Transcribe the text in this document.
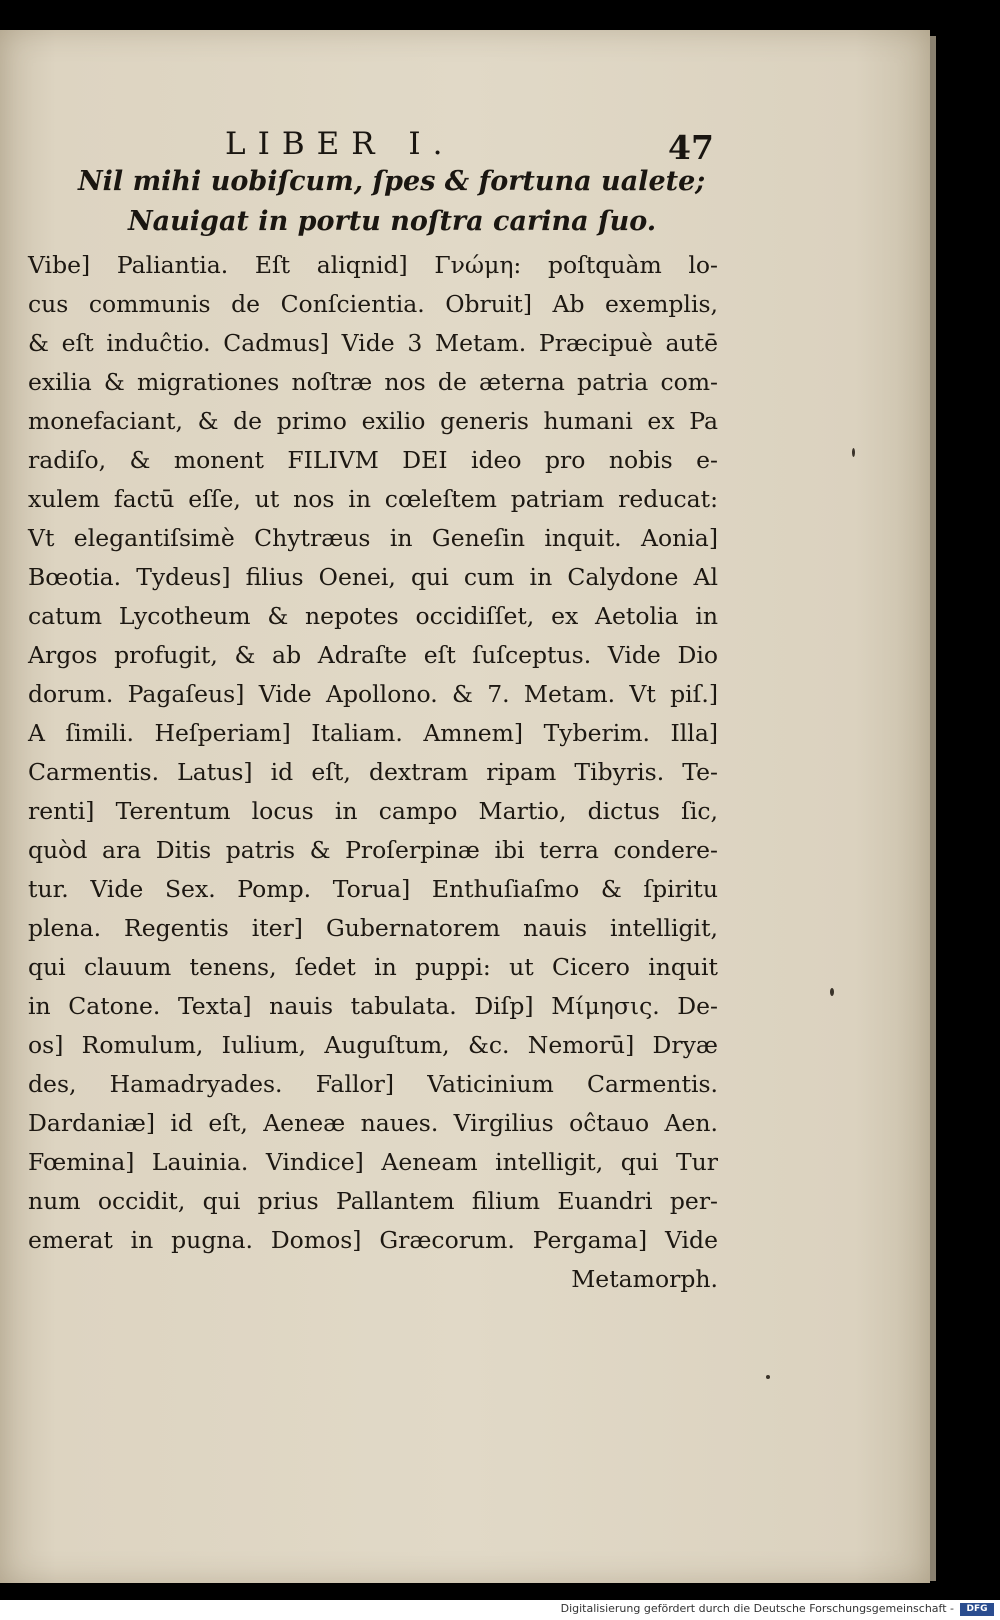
LIBER I.	47
Nil mihi uobiſcum, ſpes & fortuna ualete;
Nauigat in portu noſtra carina ſuo.
Vibe] Paliantia. Eſt aliqnid] Γνώμη: poſtquàm lo-
cus communis de Conſcientia. Obruit] Ab exemplis,
& eſt induĉtio. Cadmus] Vide 3 Metam. Præcipuè autē
exilia & migrationes noſtræ nos de æterna patria com-
monefaciant, & de primo exilio generis humani ex Pa
radiſo, & monent FILIVM DEI ideo pro nobis e-
xulem factū eſſe, ut nos in cœleſtem patriam reducat:
Vt elegantiſsimè Chytræus in Geneſin inquit. Aonia]
Bœotia. Tydeus] filius Oenei, qui cum in Calydone Al
catum Lycotheum & nepotes occidiſſet, ex Aetolia in
Argos profugit, & ab Adraſte eſt ſuſceptus. Vide Dio
dorum. Pagaſeus] Vide Apollono. & 7. Metam. Vt piſ.]
A ſimili. Heſperiam] Italiam. Amnem] Tyberim. Illa]
Carmentis. Latus] id eſt, dextram ripam Tibyris. Te-
renti] Terentum locus in campo Martio, dictus ſic,
quòd ara Ditis patris & Proſerpinæ ibi terra condere-
tur. Vide Sex. Pomp. Torua] Enthuſiaſmo & ſpiritu
plena. Regentis iter] Gubernatorem nauis intelligit,
qui clauum tenens, ſedet in puppi: ut Cicero inquit
in Catone. Texta] nauis tabulata. Diſp] Μίμησις. De-
os] Romulum, Iulium, Auguſtum, &c. Nemorū] Dryæ
des, Hamadryades. Fallor] Vaticinium Carmentis.
Dardaniæ] id eſt, Aeneæ naues. Virgilius oĉtauo Aen.
Fœmina] Lauinia. Vindice] Aeneam intelligit, qui Tur
num occidit, qui prius Pallantem filium Euandri per-
emerat in pugna. Domos] Græcorum. Pergama] Vide
Metamorph.
Digitalisierung gefördert durch die Deutsche Forschungsgemeinschaft -	DFG
